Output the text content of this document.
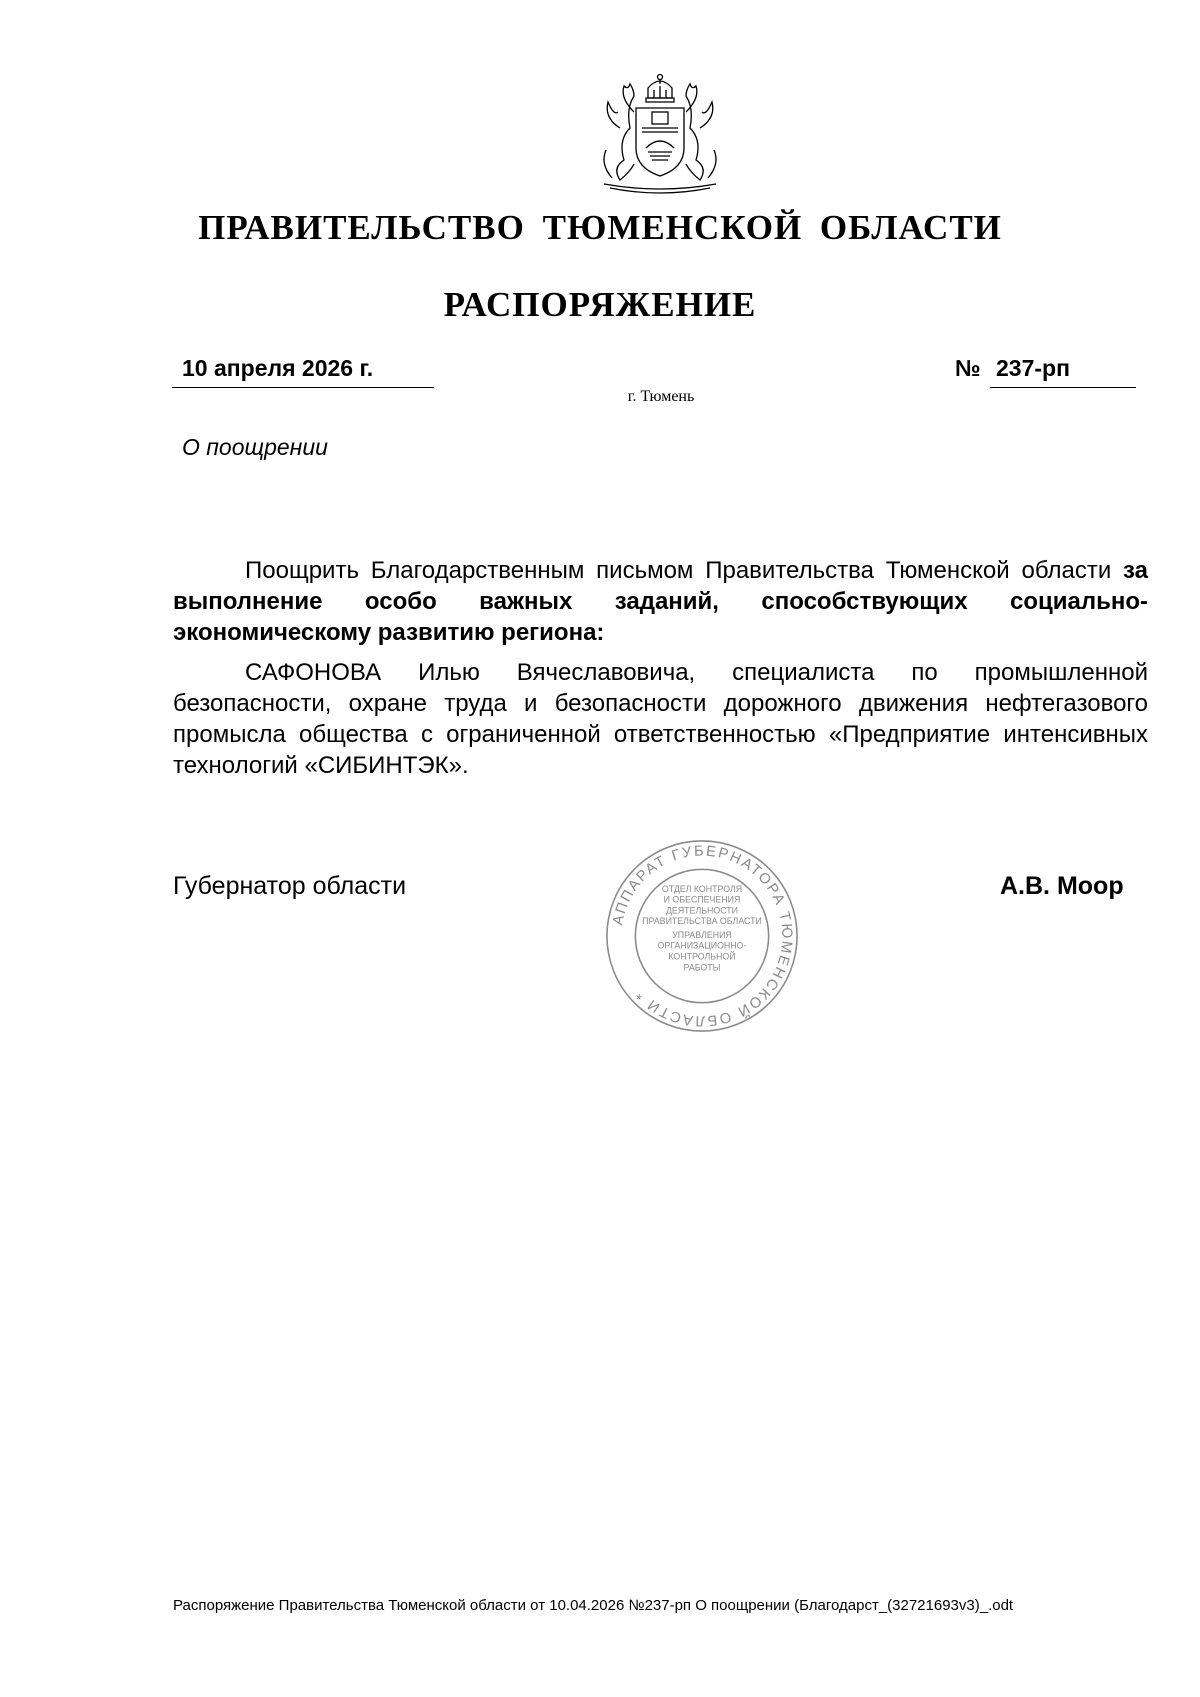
ПРАВИТЕЛЬСТВО ТЮМЕНСКОЙ ОБЛАСТИ
РАСПОРЯЖЕНИЕ
10 апреля 2026 г.	№ 237-рп
г. Тюмень
О поощрении

Поощрить Благодарственным письмом Правительства Тюменской области за выполнение особо важных заданий, способствующих социально-экономическому развитию региона:

САФОНОВА Илью Вячеславовича, специалиста по промышленной безопасности, охране труда и безопасности дорожного движения нефтегазового промысла общества с ограниченной ответственностью «Предприятие интенсивных технологий «СИБИНТЭК».

Губернатор области	А.В. Моор
АППАРАТ ГУБЕРНАТОРА ТЮМЕНСКОЙ ОБЛАСТИ *
ОТДЕЛ КОНТРОЛЯ
И ОБЕСПЕЧЕНИЯ
ДЕЯТЕЛЬНОСТИ
ПРАВИТЕЛЬСТВА ОБЛАСТИ
УПРАВЛЕНИЯ
ОРГАНИЗАЦИОННО-
КОНТРОЛЬНОЙ
РАБОТЫ
Распоряжение Правительства Тюменской области от 10.04.2026 №237-рп О поощрении (Благодарст_(32721693v3)_.odt
